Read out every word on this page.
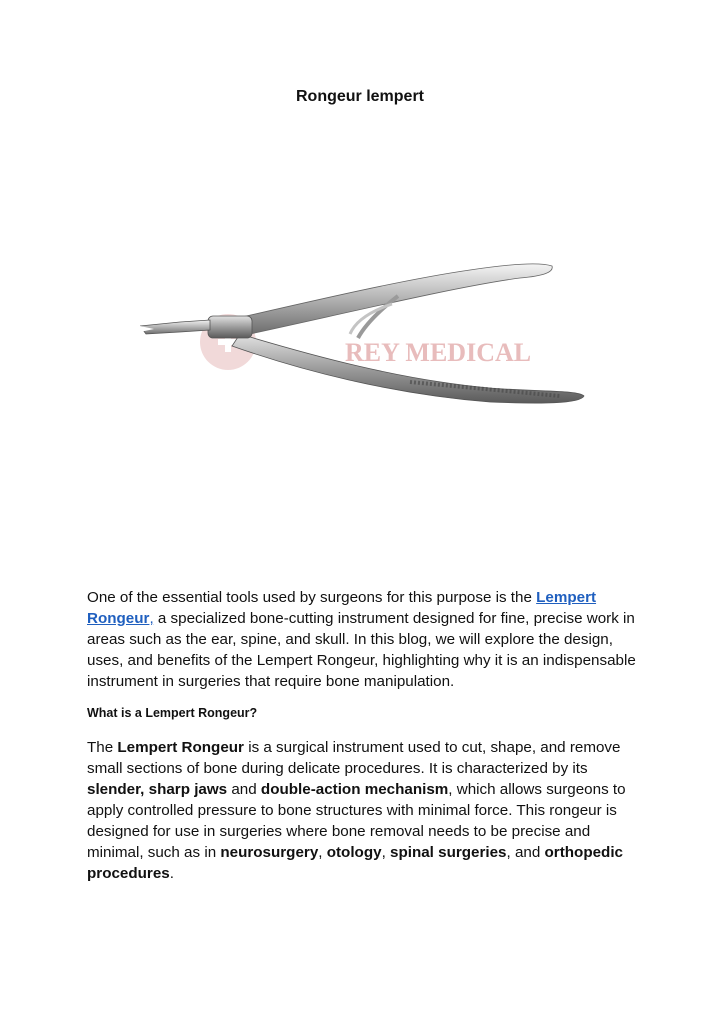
Rongeur lempert
REY MEDICAL

One of the essential tools used by surgeons for this purpose is the Lempert Rongeur, a specialized bone-cutting instrument designed for fine, precise work in areas such as the ear, spine, and skull. In this blog, we will explore the design, uses, and benefits of the Lempert Rongeur, highlighting why it is an indispensable instrument in surgeries that require bone manipulation.

What is a Lempert Rongeur?

The Lempert Rongeur is a surgical instrument used to cut, shape, and remove small sections of bone during delicate procedures. It is characterized by its slender, sharp jaws and double-action mechanism, which allows surgeons to apply controlled pressure to bone structures with minimal force. This rongeur is designed for use in surgeries where bone removal needs to be precise and minimal, such as in neurosurgery, otology, spinal surgeries, and orthopedic procedures.
